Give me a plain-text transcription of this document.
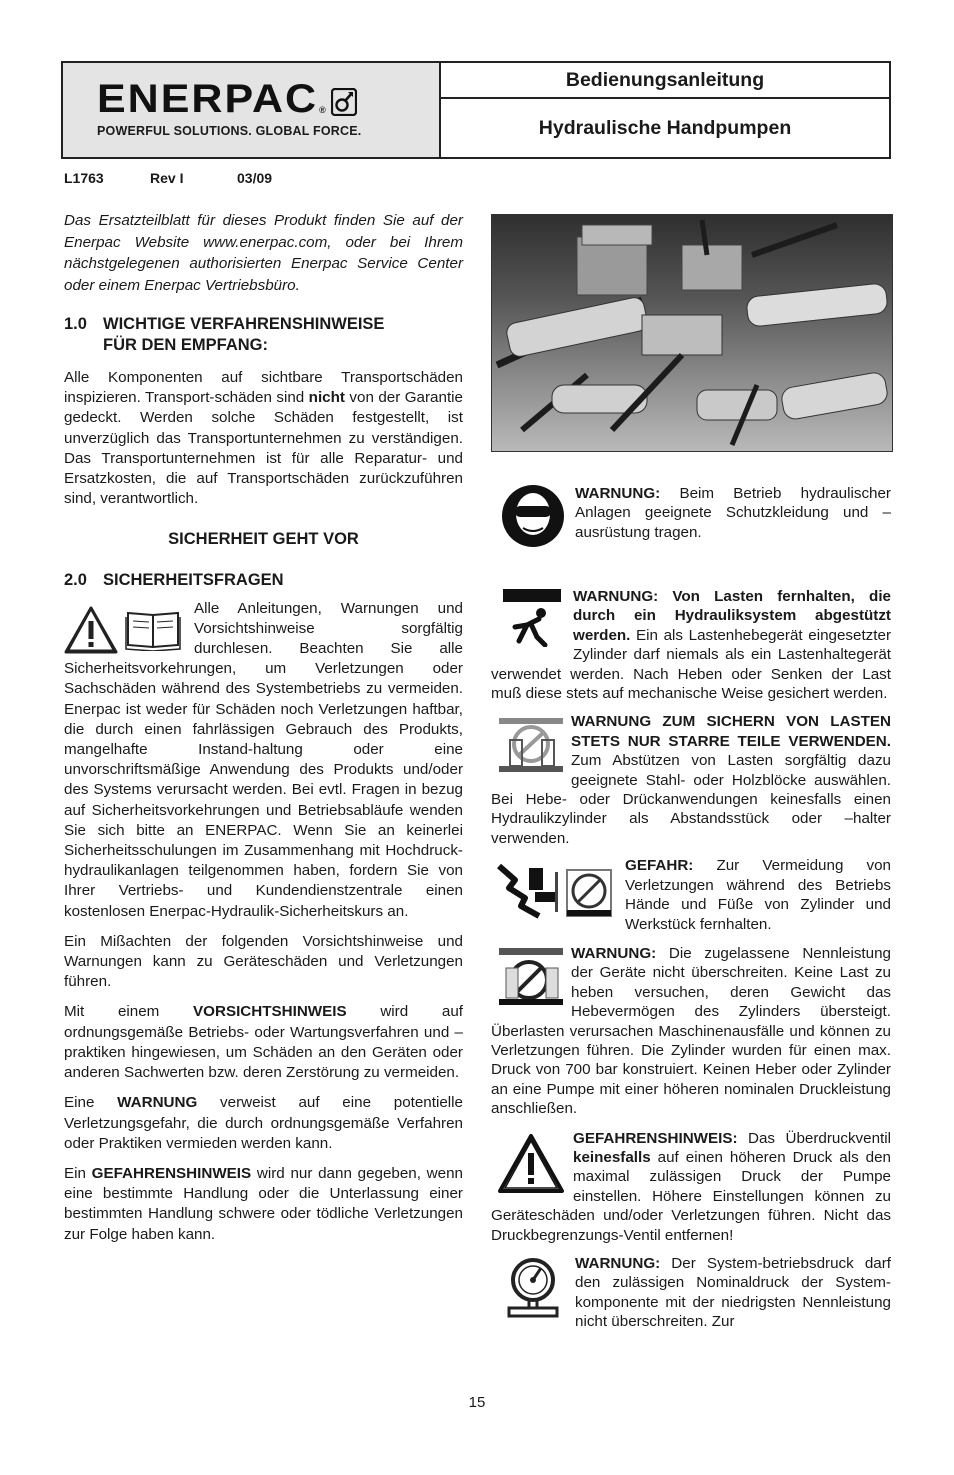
ENERPAC ®
POWERFUL SOLUTIONS. GLOBAL FORCE.
Bedienungsanleitung
Hydraulische Handpumpen
L1763	Rev I	03/09

Das Ersatzteilblatt für dieses Produkt finden Sie auf der Enerpac Website www.enerpac.com, oder bei Ihrem nächstgelegenen authorisierten Enerpac Service Center oder einem Enerpac Vertriebsbüro.

1.0 WICHTIGE VERFAHRENSHINWEISE
FÜR DEN EMPFANG:

Alle Komponenten auf sichtbare Transportschäden inspizieren. Transport-schäden sind nicht von der Garantie gedeckt. Werden solche Schäden festgestellt, ist unverzüglich das Transportunternehmen zu verständigen. Das Transportunternehmen ist für alle Reparatur- und Ersatzkosten, die auf Transportschäden zurückzuführen sind, verantwortlich.

SICHERHEIT GEHT VOR

2.0 SICHERHEITSFRAGEN

Alle Anleitungen, Warnungen und Vorsichtshinweise sorgfältig durchlesen. Beachten Sie alle Sicherheitsvorkehrungen, um Verletzungen oder Sachschäden während des Systembetriebs zu vermeiden. Enerpac ist weder für Schäden noch Verletzungen haftbar, die durch einen fahrlässigen Gebrauch des Produkts, mangelhafte Instand-haltung oder eine unvorschriftsmäßige Anwendung des Produkts und/oder des Systems verursacht werden. Bei evtl. Fragen in bezug auf Sicherheitsvorkehrungen und Betriebsabläufe wenden Sie sich bitte an ENERPAC. Wenn Sie an keinerlei Sicherheitsschulungen im Zusammenhang mit Hochdruck-hydraulikanlagen teilgenommen haben, fordern Sie von Ihrer Vertriebs- und Kundendienstzentrale einen kostenlosen Enerpac-Hydraulik-Sicherheitskurs an.

Ein Mißachten der folgenden Vorsichtshinweise und Warnungen kann zu Geräteschäden und Verletzungen führen.

Mit einem VORSICHTSHINWEIS wird auf ordnungsgemäße Betriebs- oder Wartungsverfahren und –praktiken hingewiesen, um Schäden an den Geräten oder anderen Sachwerten bzw. deren Zerstörung zu vermeiden.

Eine WARNUNG verweist auf eine potentielle Verletzungsgefahr, die durch ordnungsgemäße Verfahren oder Praktiken vermieden werden kann.

Ein GEFAHRENSHINWEIS wird nur dann gegeben, wenn eine bestimmte Handlung oder die Unterlassung einer bestimmten Handlung schwere oder tödliche Verletzungen zur Folge haben kann.

WARNUNG: Beim Betrieb hydraulischer Anlagen geeignete Schutzkleidung und –ausrüstung tragen.

WARNUNG: Von Lasten fernhalten, die durch ein Hydrauliksystem abgestützt werden. Ein als Lastenhebegerät eingesetzter Zylinder darf niemals als ein Lastenhaltegerät verwendet werden. Nach Heben oder Senken der Last muß diese stets auf mechanische Weise gesichert werden.

WARNUNG ZUM SICHERN VON LASTEN STETS NUR STARRE TEILE VERWENDEN. Zum Abstützen von Lasten sorgfältig dazu geeignete Stahl- oder Holzblöcke auswählen. Bei Hebe- oder Drückanwendungen keinesfalls einen Hydraulikzylinder als Abstandsstück oder –halter verwenden.

GEFAHR: Zur Vermeidung von Verletzungen während des Betriebs Hände und Füße von Zylinder und Werkstück fernhalten.

WARNUNG: Die zugelassene Nennleistung der Geräte nicht überschreiten. Keine Last zu heben versuchen, deren Gewicht das Hebevermögen des Zylinders übersteigt. Überlasten verursachen Maschinenausfälle und können zu Verletzungen führen. Die Zylinder wurden für einen max. Druck von 700 bar konstruiert. Keinen Heber oder Zylinder an eine Pumpe mit einer höheren nominalen Druckleistung anschließen.

GEFAHRENSHINWEIS: Das Überdruckventil keinesfalls auf einen höheren Druck als den maximal zulässigen Druck der Pumpe einstellen. Höhere Einstellungen können zu Geräteschäden und/oder Verletzungen führen. Nicht das Druckbegrenzungs-Ventil entfernen!

WARNUNG: Der System-betriebsdruck darf den zulässigen Nominaldruck der System-komponente mit der niedrigsten Nennleistung nicht überschreiten. Zur

15
